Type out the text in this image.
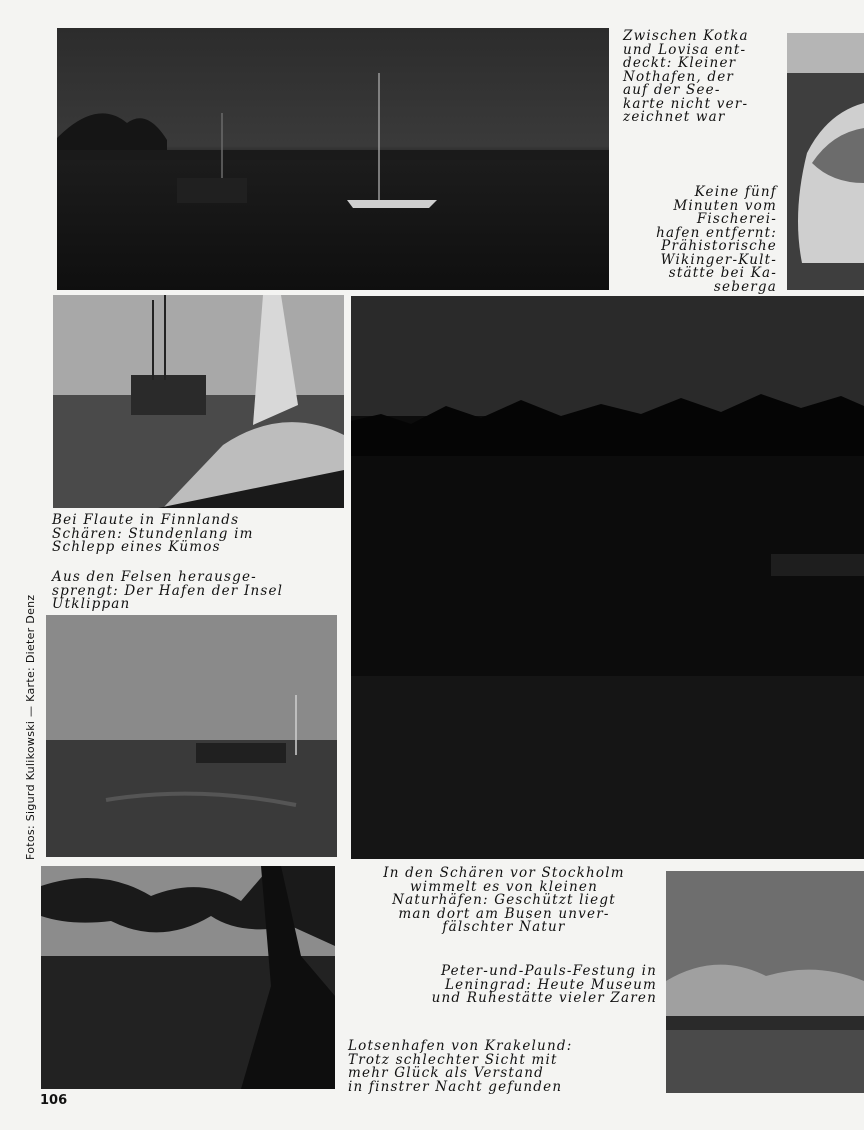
Zwischen Kotka
und Lovisa ent-
deckt: Kleiner
Nothafen, der
auf der See-
karte nicht ver-
zeichnet war

Keine fünf
Minuten vom
Fischerei-
hafen entfernt:
Prähistorische
Wikinger-Kult-
stätte bei Ka-
seberga

Bei Flaute in Finnlands
Schären: Stundenlang im
Schlepp eines Kümos

Aus den Felsen herausge-
sprengt: Der Hafen der Insel
Utklippan

In den Schären vor Stockholm
wimmelt es von kleinen
Naturhäfen: Geschützt liegt
man dort am Busen unver-
fälschter Natur

Peter-und-Pauls-Festung in
Leningrad: Heute Museum
und Ruhestätte vieler Zaren

Lotsenhafen von Krakelund:
Trotz schlechter Sicht mit
mehr Glück als Verstand
in finstrer Nacht gefunden

Fotos: Sigurd Kulikowski — Karte: Dieter Denz
106
